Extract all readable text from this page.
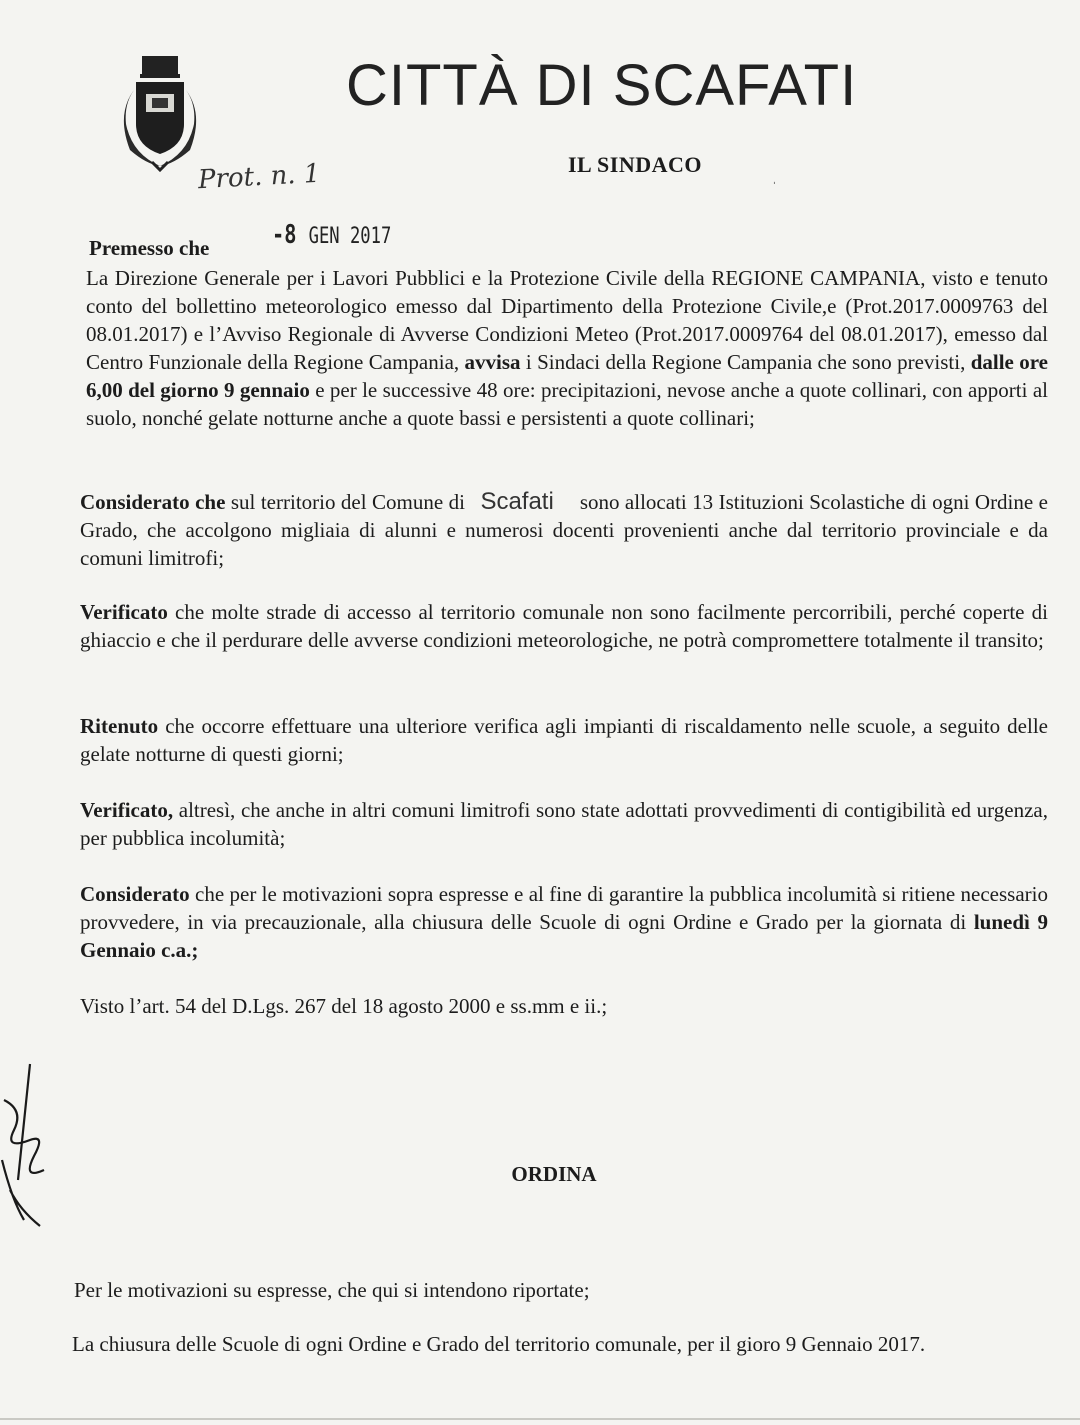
CITTÀ DI SCAFATI
IL SINDACO
ˌ
Prot. n. 1
-8 GEN 2017
Premesso che
La Direzione Generale per i Lavori Pubblici e la Protezione Civile della REGIONE CAMPANIA, visto e tenuto conto del bollettino meteorologico emesso dal Dipartimento della Protezione Civile,e (Prot.2017.0009763 del 08.01.2017) e l’Avviso Regionale di Avverse Condizioni Meteo (Prot.2017.0009764 del 08.01.2017), emesso dal Centro Funzionale della Regione Campania, avvisa i Sindaci della Regione Campania che sono previsti, dalle ore 6,00 del giorno 9 gennaio e per le successive 48 ore: precipitazioni, nevose anche a quote collinari, con apporti al suolo, nonché gelate notturne anche a quote bassi e persistenti a quote collinari;
Considerato che sul territorio del Comune di Scafati sono allocati 13 Istituzioni Scolastiche di ogni Ordine e Grado, che accolgono migliaia di alunni e numerosi docenti provenienti anche dal territorio provinciale e da comuni limitrofi;
Verificato che molte strade di accesso al territorio comunale non sono facilmente percorribili, perché coperte di ghiaccio e che il perdurare delle avverse condizioni meteorologiche, ne potrà compromettere totalmente il transito;
Ritenuto che occorre effettuare una ulteriore verifica agli impianti di riscaldamento nelle scuole, a seguito delle gelate notturne di questi giorni;
Verificato, altresì, che anche in altri comuni limitrofi sono state adottati provvedimenti di contigibilità ed urgenza, per pubblica incolumità;
Considerato che per le motivazioni sopra espresse e al fine di garantire la pubblica incolumità si ritiene necessario provvedere, in via precauzionale, alla chiusura delle Scuole di ogni Ordine e Grado per la giornata di lunedì 9 Gennaio c.a.;
Visto l’art. 54 del D.Lgs. 267 del 18 agosto 2000 e ss.mm e ii.;
ORDINA
Per le motivazioni su espresse, che qui si intendono riportate;
La chiusura delle Scuole di ogni Ordine e Grado del territorio comunale, per il gioro 9 Gennaio 2017.
